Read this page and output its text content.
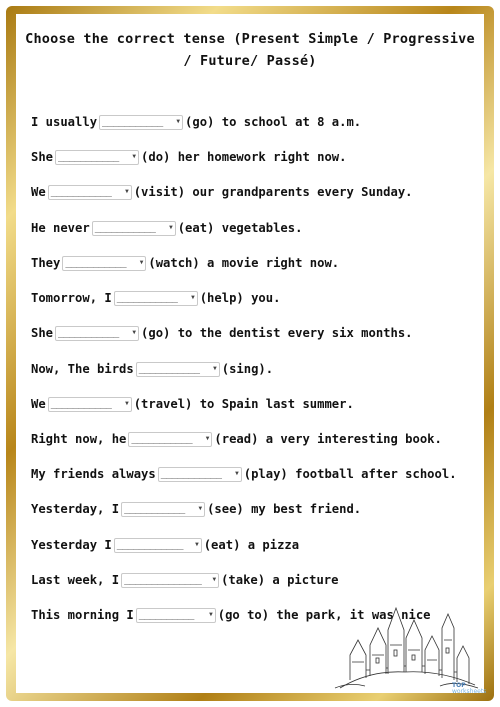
Choose the correct tense (Present Simple / Progressive / Future/ Passé)
I usually ___________ ▼ (go) to school at 8 a.m.
She ___________ ▼ (do) her homework right now.
We ___________ ▼ (visit) our grandparents every Sunday.
He never ___________ ▼ (eat) vegetables.
They ___________ ▼ (watch) a movie right now.
Tomorrow, I ___________ ▼ (help) you.
She ___________ ▼ (go) to the dentist every six months.
Now, The birds ___________ ▼ (sing).
We ___________ ▼ (travel) to Spain last summer.
Right now, he ___________ ▼ (read) a very interesting book.
My friends always ___________ ▼ (play) football after school.
Yesterday, I ___________ ▼ (see) my best friend.
Yesterday I ____________ ▼ (eat) a pizza
Last week, I ______________ ▼ (take) a picture
This morning I __________	▼ (go to) the park, it was nice
TOP
worksheets
